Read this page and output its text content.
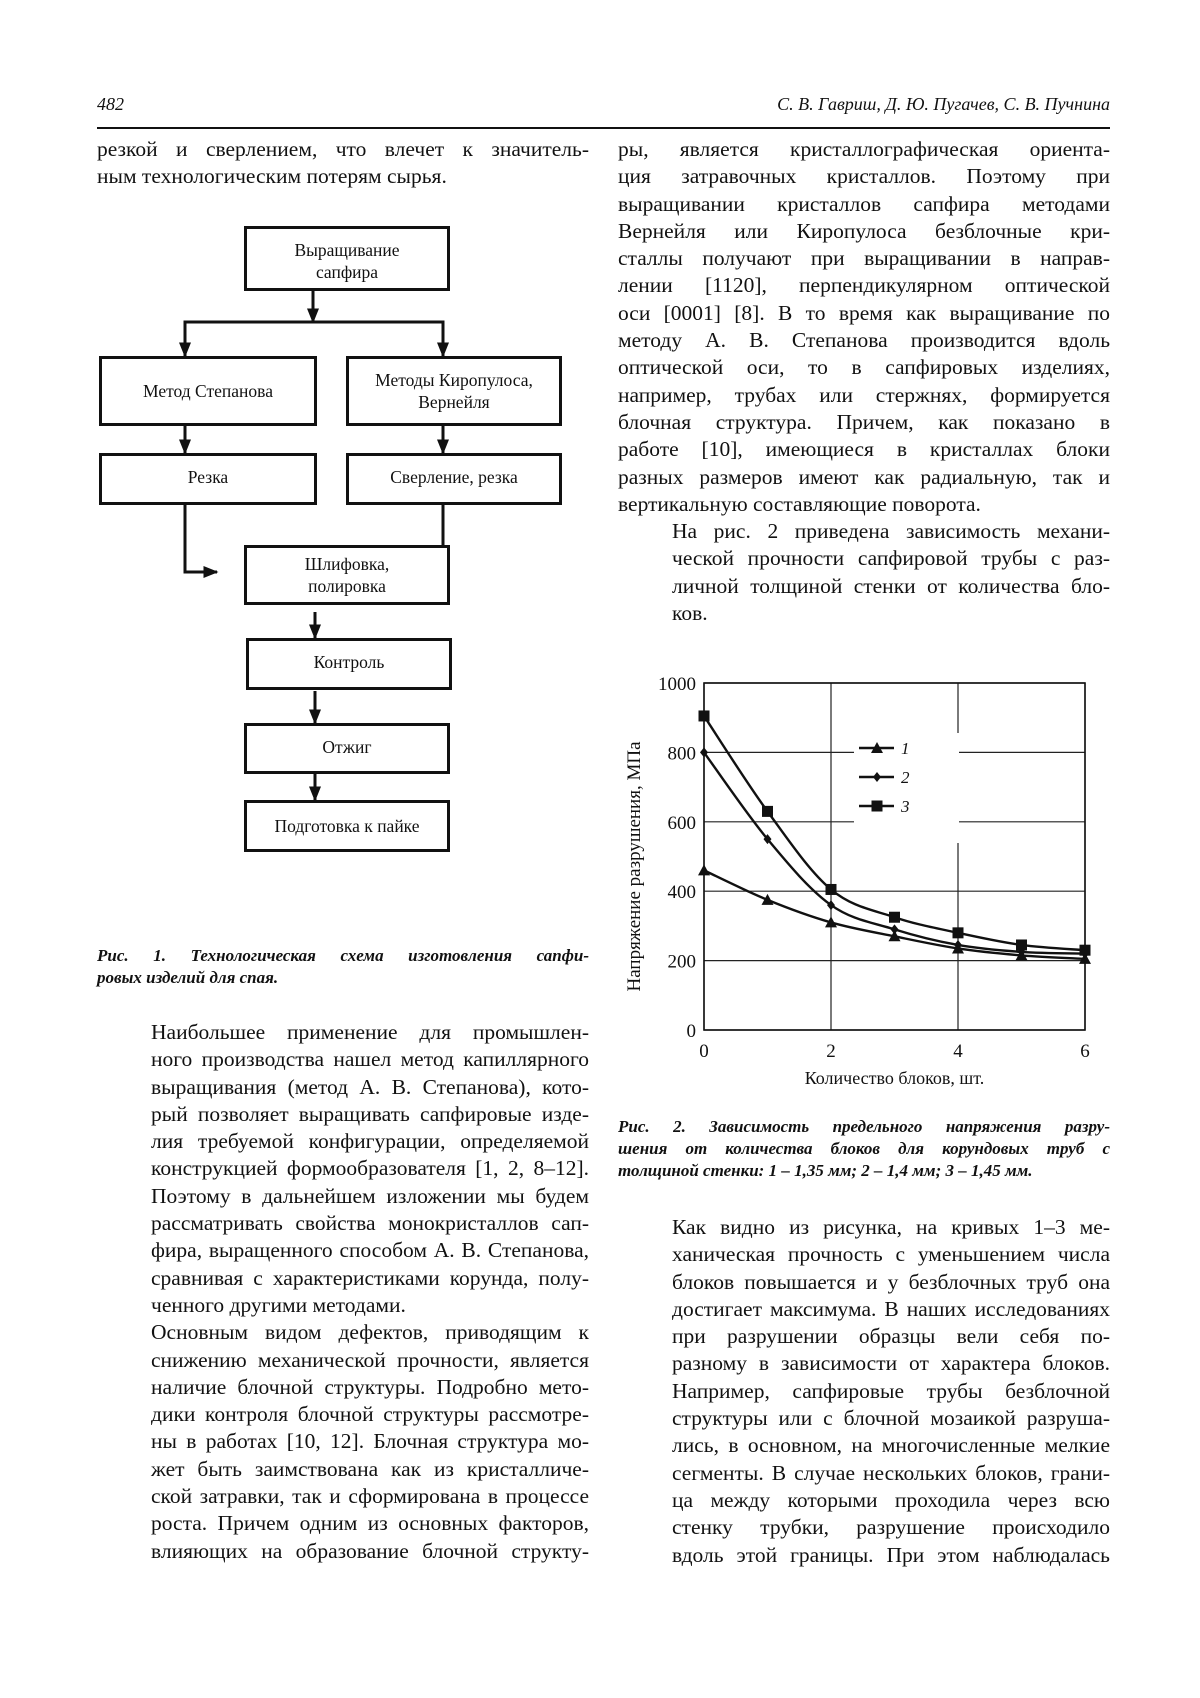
482	С. В. Гавриш, Д. Ю. Пугачев, С. В. Пучнина

резкой и сверлением, что влечет к значитель-
ным технологическим потерям сырья.

Выращивание
сапфира
Метод Степанова
Методы Киропулоса,
Вернейля
Резка	Сверление, резка
Шлифовка,
полировка
Контроль
Отжиг
Подготовка к пайке
Рис. 1. Технологическая схема изготовления сапфи-
ровых изделий для спая.

Наибольшее применение для промышлен-
ного производства нашел метод капиллярного
выращивания (метод А. В. Степанова), кото-
рый позволяет выращивать сапфировые изде-
лия требуемой конфигурации, определяемой
конструкцией формообразователя [1, 2, 8–12].
Поэтому в дальнейшем изложении мы будем
рассматривать свойства монокристаллов сап-
фира, выращенного способом А. В. Степанова,
сравнивая с характеристиками корунда, полу-
ченного другими методами.

Основным видом дефектов, приводящим к
снижению механической прочности, является
наличие блочной структуры. Подробно мето-
дики контроля блочной структуры рассмотре-
ны в работах [10, 12]. Блочная структура мо-
жет быть заимствована как из кристалличе-
ской затравки, так и сформирована в процессе
роста. Причем одним из основных факторов,
влияющих на образование блочной структу-

ры, является кристаллографическая ориента-
ция затравочных кристаллов. Поэтому при
выращивании кристаллов сапфира методами
Вернейля или Киропулоса безблочные кри-
сталлы получают при выращивании в направ-
лении [1120], перпендикулярном оптической
оси [0001] [8]. В то время как выращивание по
методу А. В. Степанова производится вдоль
оптической оси, то в сапфировых изделиях,
например, трубах или стержнях, формируется
блочная структура. Причем, как показано в
работе [10], имеющиеся в кристаллах блоки
разных размеров имеют как радиальную, так и
вертикальную составляющие поворота.

На рис. 2 приведена зависимость механи-
ческой прочности сапфировой трубы с раз-
личной толщиной стенки от количества бло-
ков.

0
200
400
600
800
1000
0	2	4	6
1
2
3
Количество блоков, шт.
Напряжение разрушения, МПа
Рис. 2. Зависимость предельного напряжения разру-
шения от количества блоков для корундовых труб с
толщиной стенки: 1 – 1,35 мм; 2 – 1,4 мм; 3 – 1,45 мм.

Как видно из рисунка, на кривых 1–3 ме-
ханическая прочность с уменьшением числа
блоков повышается и у безблочных труб она
достигает максимума. В наших исследованиях
при разрушении образцы вели себя по-
разному в зависимости от характера блоков.
Например, сапфировые трубы безблочной
структуры или с блочной мозаикой разруша-
лись, в основном, на многочисленные мелкие
сегменты. В случае нескольких блоков, грани-
ца между которыми проходила через всю
стенку трубки, разрушение происходило
вдоль этой границы. При этом наблюдалась
